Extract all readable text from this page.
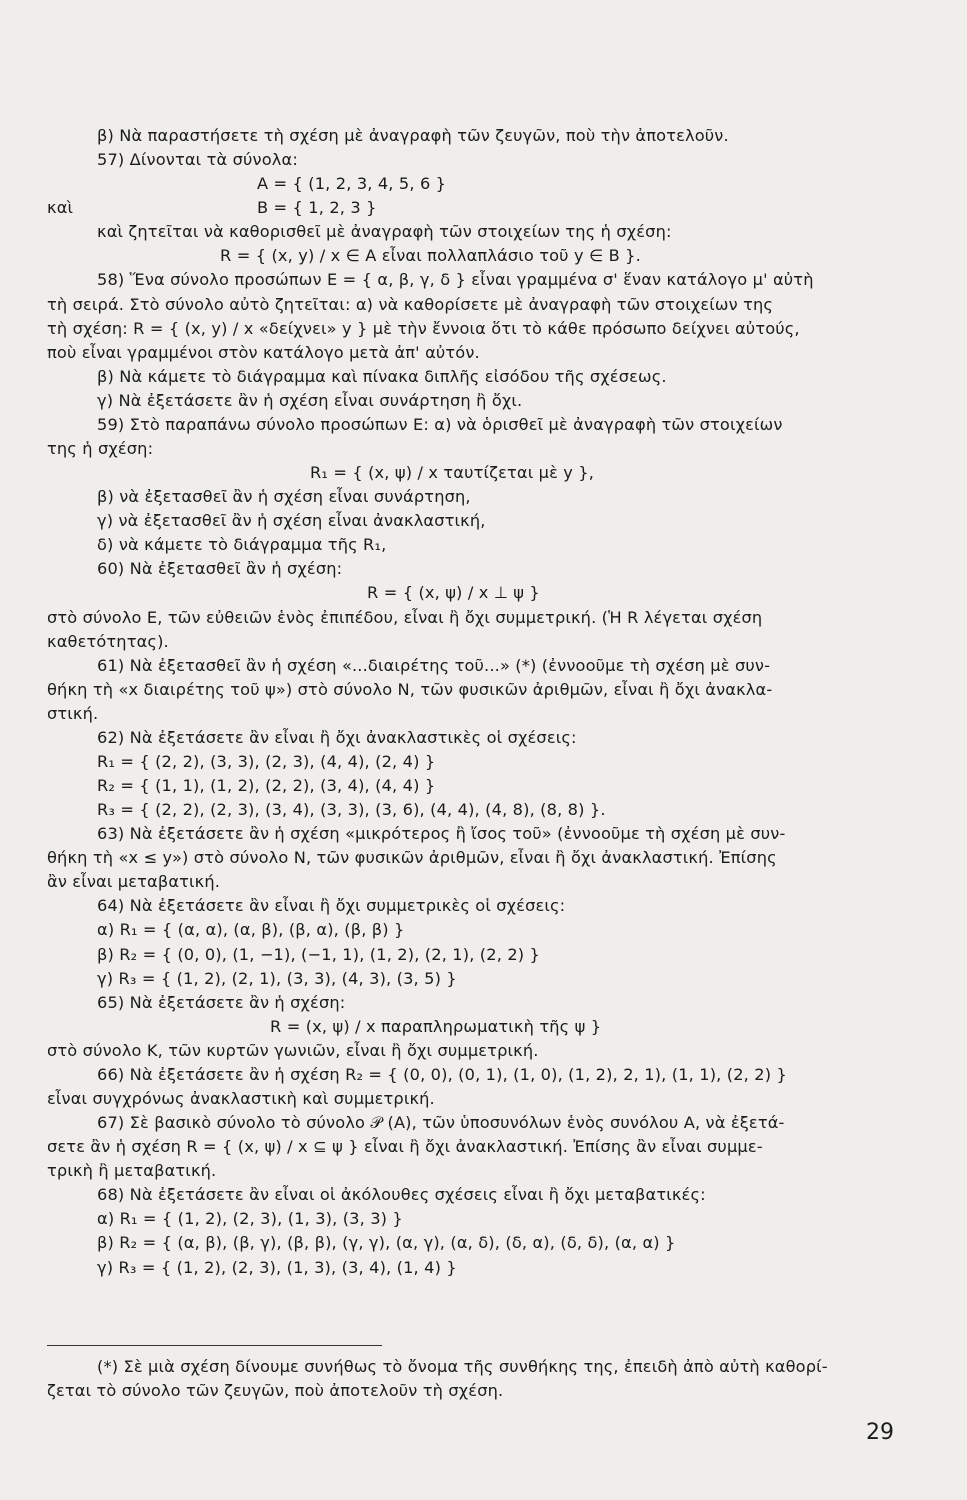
β) Νὰ παραστήσετε τὴ σχέση μὲ ἀναγραφὴ τῶν ζευγῶν, ποὺ τὴν ἀποτελοῦν.
57) Δίνονται τὰ σύνολα:
A = { (1, 2, 3, 4, 5, 6 }
καὶ	B = { 1, 2, 3 }
καὶ ζητεῖται νὰ καθορισθεῖ μὲ ἀναγραφὴ τῶν στοιχείων της ἡ σχέση:
R = { (x, y) / x ∈ A εἶναι πολλαπλάσιο τοῦ y ∈ B }.
58) Ἕνα σύνολο προσώπων E = { α, β, γ, δ } εἶναι γραμμένα σ' ἕναν κατάλογο μ' αὐτὴ
τὴ σειρά. Στὸ σύνολο αὐτὸ ζητεῖται: α) νὰ καθορίσετε μὲ ἀναγραφὴ τῶν στοιχείων της
τὴ σχέση: R = { (x, y) / x «δείχνει» y } μὲ τὴν ἔννοια ὅτι τὸ κάθε πρόσωπο δείχνει αὐτούς,
ποὺ εἶναι γραμμένοι στὸν κατάλογο μετὰ ἀπ' αὐτόν.
β) Νὰ κάμετε τὸ διάγραμμα καὶ πίνακα διπλῆς εἰσόδου τῆς σχέσεως.
γ) Νὰ ἐξετάσετε ἂν ἡ σχέση εἶναι συνάρτηση ἢ ὄχι.
59) Στὸ παραπάνω σύνολο προσώπων E: α) νὰ ὁρισθεῖ μὲ ἀναγραφὴ τῶν στοιχείων
της ἡ σχέση:
R₁ = { (x, ψ) / x ταυτίζεται μὲ y },
β) νὰ ἐξετασθεῖ ἂν ἡ σχέση εἶναι συνάρτηση,
γ) νὰ ἐξετασθεῖ ἂν ἡ σχέση εἶναι ἀνακλαστική,
δ) νὰ κάμετε τὸ διάγραμμα τῆς R₁,
60) Νὰ ἐξετασθεῖ ἂν ἡ σχέση:
R = { (x, ψ) / x ⊥ ψ }
στὸ σύνολο E, τῶν εὐθειῶν ἑνὸς ἐπιπέδου, εἶναι ἢ ὄχι συμμετρική. (Ἡ R λέγεται σχέση
καθετότητας).
61) Νὰ ἐξετασθεῖ ἂν ἡ σχέση «...διαιρέτης τοῦ...» (*) (ἐννοοῦμε τὴ σχέση μὲ συν-
θήκη τὴ «x διαιρέτης τοῦ ψ») στὸ σύνολο N, τῶν φυσικῶν ἀριθμῶν, εἶναι ἢ ὄχι ἀνακλα-
στική.
62) Νὰ ἐξετάσετε ἂν εἶναι ἢ ὄχι ἀνακλαστικὲς οἱ σχέσεις:
R₁ = { (2, 2), (3, 3), (2, 3), (4, 4), (2, 4) }
R₂ = { (1, 1), (1, 2), (2, 2), (3, 4), (4, 4) }
R₃ = { (2, 2), (2, 3), (3, 4), (3, 3), (3, 6), (4, 4), (4, 8), (8, 8) }.
63) Νὰ ἐξετάσετε ἂν ἡ σχέση «μικρότερος ἢ ἴσος τοῦ» (ἐννοοῦμε τὴ σχέση μὲ συν-
θήκη τὴ «x ≤ y») στὸ σύνολο N, τῶν φυσικῶν ἀριθμῶν, εἶναι ἢ ὄχι ἀνακλαστική. Ἐπίσης
ἂν εἶναι μεταβατική.
64) Νὰ ἐξετάσετε ἂν εἶναι ἢ ὄχι συμμετρικὲς οἱ σχέσεις:
α) R₁ = { (α, α), (α, β), (β, α), (β, β) }
β) R₂ = { (0, 0), (1, −1), (−1, 1), (1, 2), (2, 1), (2, 2) }
γ) R₃ = { (1, 2), (2, 1), (3, 3), (4, 3), (3, 5) }
65) Νὰ ἐξετάσετε ἂν ἡ σχέση:
R = (x, ψ) / x παραπληρωματικὴ τῆς ψ }
στὸ σύνολο K, τῶν κυρτῶν γωνιῶν, εἶναι ἢ ὄχι συμμετρική.
66) Νὰ ἐξετάσετε ἂν ἡ σχέση R₂ = { (0, 0), (0, 1), (1, 0), (1, 2), 2, 1), (1, 1), (2, 2) }
εἶναι συγχρόνως ἀνακλαστικὴ καὶ συμμετρική.
67) Σὲ βασικὸ σύνολο τὸ σύνολο 𝒫 (A), τῶν ὑποσυνόλων ἑνὸς συνόλου A, νὰ ἐξετά-
σετε ἂν ἡ σχέση R = { (x, ψ) / x ⊆ ψ } εἶναι ἢ ὄχι ἀνακλαστική. Ἐπίσης ἂν εἶναι συμμε-
τρικὴ ἢ μεταβατική.
68) Νὰ ἐξετάσετε ἂν εἶναι οἱ ἀκόλουθες σχέσεις εἶναι ἢ ὄχι μεταβατικές:
α) R₁ = { (1, 2), (2, 3), (1, 3), (3, 3) }
β) R₂ = { (α, β), (β, γ), (β, β), (γ, γ), (α, γ), (α, δ), (δ, α), (δ, δ), (α, α) }
γ) R₃ = { (1, 2), (2, 3), (1, 3), (3, 4), (1, 4) }
(*) Σὲ μιὰ σχέση δίνουμε συνήθως τὸ ὄνομα τῆς συνθήκης της, ἐπειδὴ ἀπὸ αὐτὴ καθορί-
ζεται τὸ σύνολο τῶν ζευγῶν, ποὺ ἀποτελοῦν τὴ σχέση.
29
